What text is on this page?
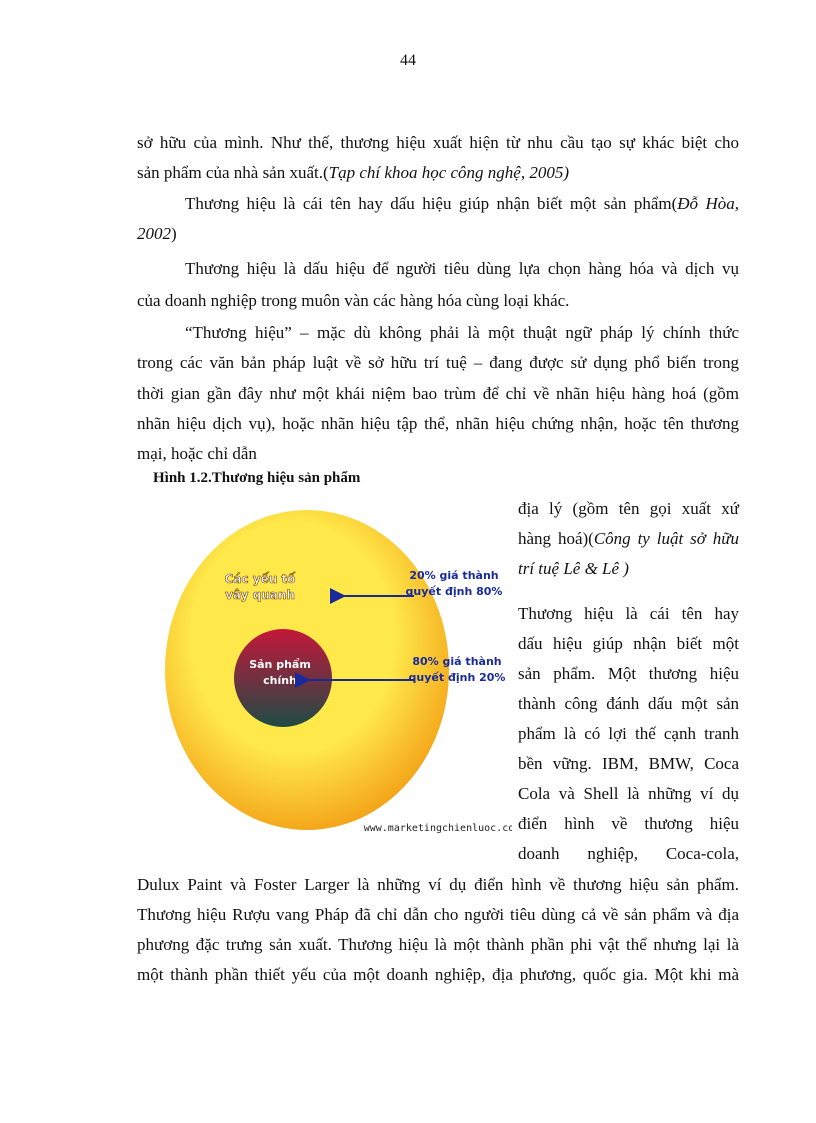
44
sở hữu của mình. Như thế, thương hiệu xuất hiện từ nhu cầu tạo sự khác biệt cho
sản phẩm của nhà sản xuất.(Tạp chí khoa học công nghệ, 2005)
Thương hiệu là cái tên hay dấu hiệu giúp nhận biết một sản phẩm(Đỗ Hòa,
2002)
Thương hiệu là dấu hiệu để người tiêu dùng lựa chọn hàng hóa và dịch vụ
của doanh nghiệp trong muôn vàn các hàng hóa cùng loại khác.
“Thương hiệu” – mặc dù không phải là một thuật ngữ pháp lý chính thức
trong các văn bản pháp luật về sở hữu trí tuệ – đang được sử dụng phổ biến trong
thời gian gần đây như một khái niệm bao trùm để chỉ về nhãn hiệu hàng hoá (gồm
nhãn hiệu dịch vụ), hoặc nhãn hiệu tập thể, nhãn hiệu chứng nhận, hoặc tên thương
mại, hoặc chỉ dẫn
địa lý (gồm tên gọi xuất xứ
hàng hoá)(Công ty luật sở hữu
trí tuệ Lê & Lê )
Thương hiệu là cái tên hay
dấu hiệu giúp nhận biết một
sản phẩm. Một thương hiệu
thành công đánh dấu một sản
phẩm là có lợi thế cạnh tranh
bền vững. IBM, BMW, Coca
Cola và Shell là những ví dụ
điển hình về thương hiệu
doanh nghiệp, Coca-cola,
Dulux Paint và Foster Larger là những ví dụ điển hình về thương hiệu sản phẩm.
Thương hiệu Rượu vang Pháp đã chỉ dẫn cho người tiêu dùng cả về sản phẩm và địa
phương đặc trưng sản xuất. Thương hiệu là một thành phần phi vật thể nhưng lại là
một thành phần thiết yếu của một doanh nghiệp, địa phương, quốc gia. Một khi mà
Hình 1.2.Thương hiệu sản phẩm
Các yếu tố
vây quanh
Sản phẩm
chính
20% giá thành
quyết định 80%
80% giá thành
quyết định 20%
www.marketingchienluoc.com
